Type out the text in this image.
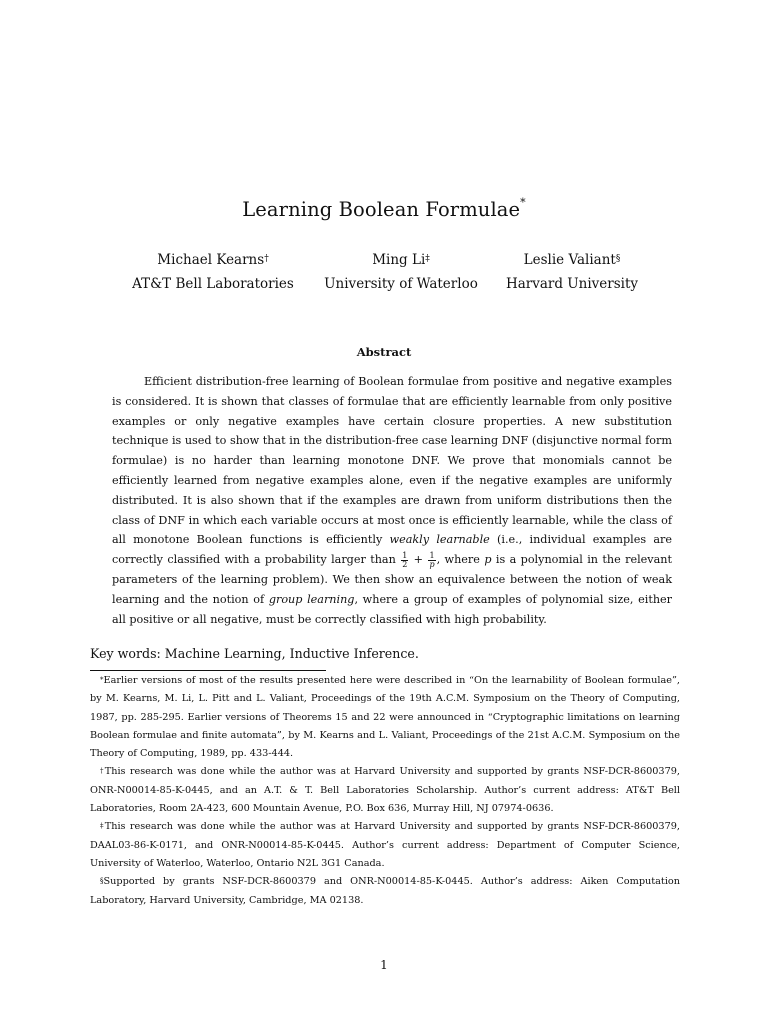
Learning Boolean Formulae*
Michael Kearns†
AT&T Bell Laboratories
Ming Li‡
University of Waterloo
Leslie Valiant§
Harvard University
Abstract

Efficient distribution-free learning of Boolean formulae from positive and negative examples is considered. It is shown that classes of formulae that are efficiently learnable from only positive examples or only negative examples have certain closure properties. A new substitution technique is used to show that in the distribution-free case learning DNF (disjunctive normal form formulae) is no harder than learning monotone DNF. We prove that monomials cannot be efficiently learned from negative examples alone, even if the negative examples are uniformly distributed. It is also shown that if the examples are drawn from uniform distributions then the class of DNF in which each variable occurs at most once is efficiently learnable, while the class of all monotone Boolean functions is efficiently weakly learnable (i.e., individual examples are correctly classified with a probability larger than $\frac{1}{2} + \frac{1}{p}$ , where p is a polynomial in the relevant parameters of the learning problem). We then show an equivalence between the notion of weak learning and the notion of group learning, where a group of examples of polynomial size, either all positive or all negative, must be correctly classified with high probability.

Key words: Machine Learning, Inductive Inference.

*Earlier versions of most of the results presented here were described in “On the learnability of Boolean formulae”, by M. Kearns, M. Li, L. Pitt and L. Valiant, Proceedings of the 19th A.C.M. Symposium on the Theory of Computing, 1987, pp. 285-295. Earlier versions of Theorems 15 and 22 were announced in “Cryptographic limitations on learning Boolean formulae and finite automata”, by M. Kearns and L. Valiant, Proceedings of the 21st A.C.M. Symposium on the Theory of Computing, 1989, pp. 433-444.

†This research was done while the author was at Harvard University and supported by grants NSF-DCR-8600379, ONR-N00014-85-K-0445, and an A.T. & T. Bell Laboratories Scholarship. Author’s current address: AT&T Bell Laboratories, Room 2A-423, 600 Mountain Avenue, P.O. Box 636, Murray Hill, NJ 07974-0636.

‡This research was done while the author was at Harvard University and supported by grants NSF-DCR-8600379, DAAL03-86-K-0171, and ONR-N00014-85-K-0445. Author’s current address: Department of Computer Science, University of Waterloo, Waterloo, Ontario N2L 3G1 Canada.

§Supported by grants NSF-DCR-8600379 and ONR-N00014-85-K-0445. Author’s address: Aiken Computation Laboratory, Harvard University, Cambridge, MA 02138.

1
